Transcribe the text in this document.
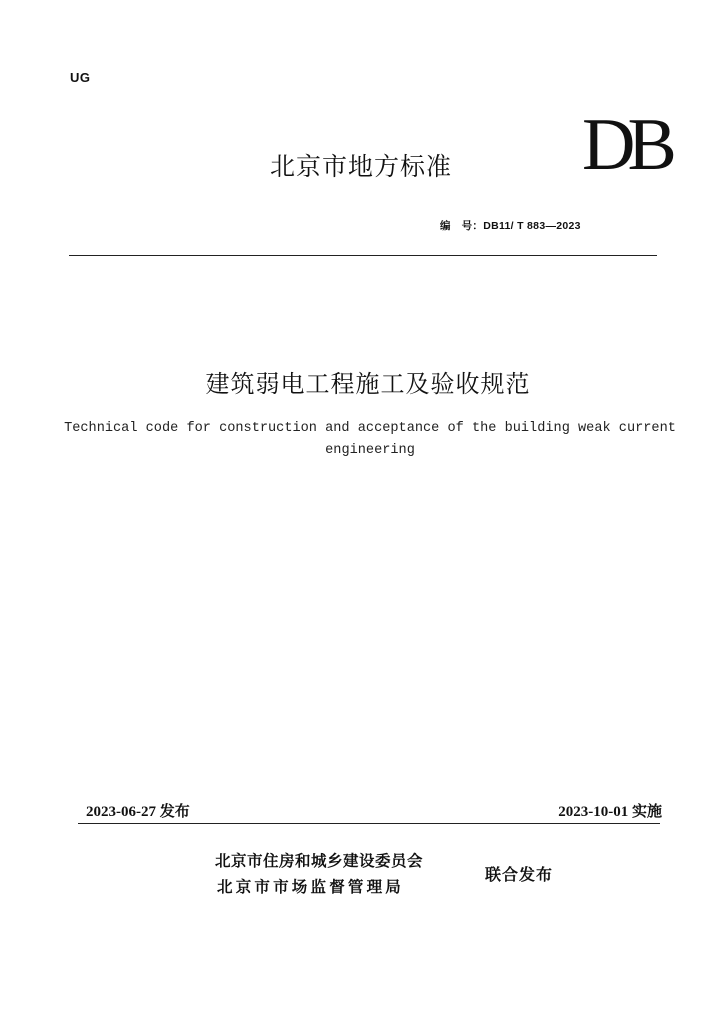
UG
北京市地方标准 DB
编　号：DB11/ T 883—2023
建筑弱电工程施工及验收规范
Technical code for construction and acceptance of the building weak current engineering
2023-06-27 发布	2023-10-01 实施
北京市住房和城乡建设委员会
北京市市场监督管理局
联合发布
